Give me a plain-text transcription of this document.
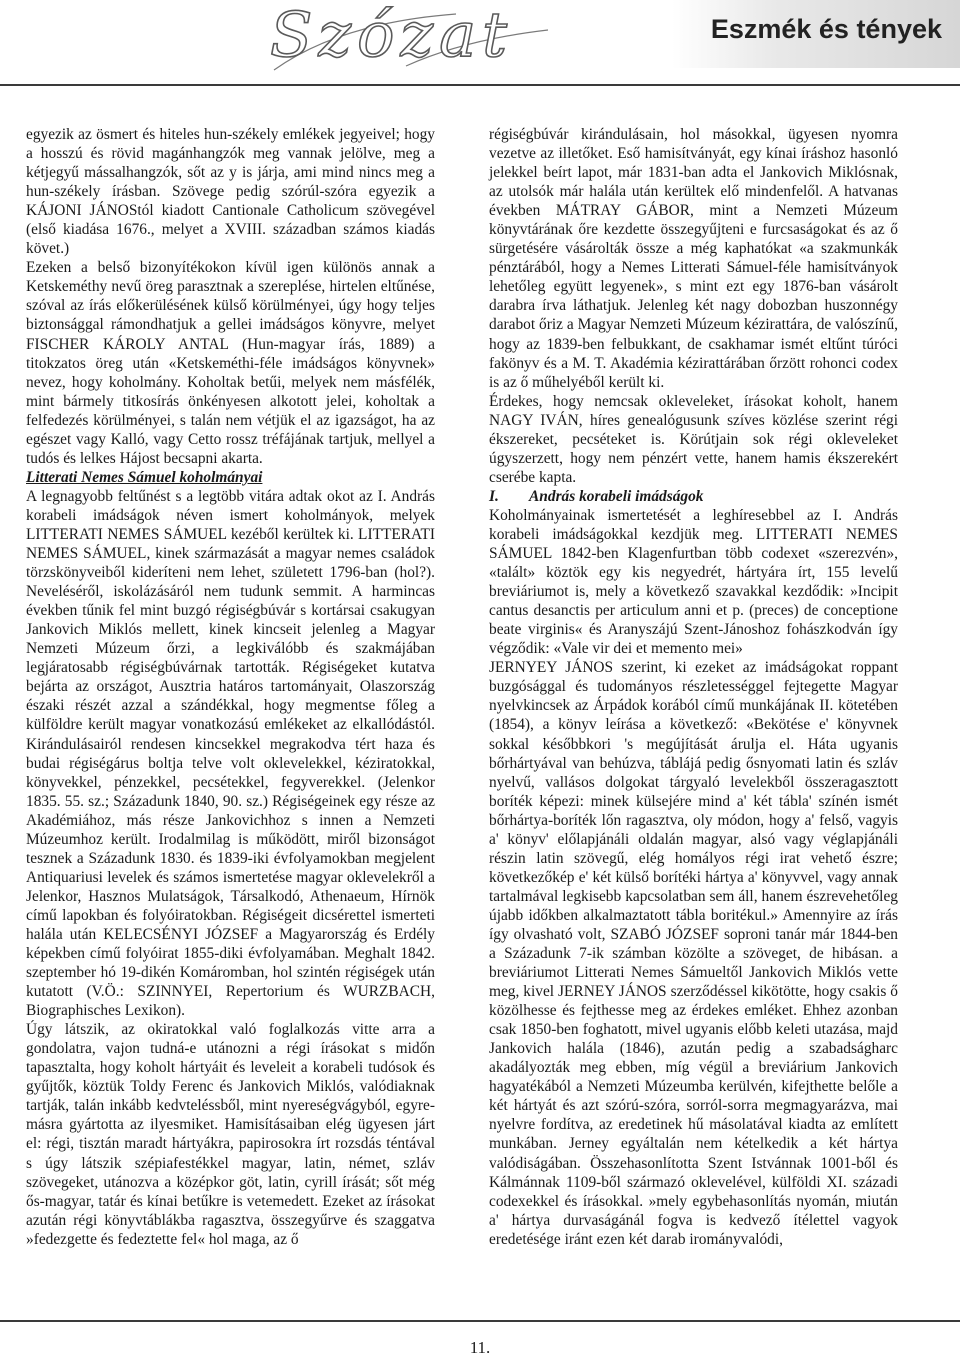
Szózat	Eszmék és tények

egyezik az ösmert és hiteles hun-székely emlékek jegyeivel; hogy a hosszú és rövid magánhangzók meg vannak jelölve, meg a kétjegyű mássalhangzók, sőt az y is járja, ami mind nincs meg a hun-székely írásban. Szövege pedig szórúl-szóra egyezik a KÁJONI JÁNOStól kiadott Cantionale Catholicum szövegével (első kiadása 1676., melyet a XVIII. században számos kiadás követ.)

Ezeken a belső bizonyítékokon kívül igen különös annak a Ketskeméthy nevű öreg parasztnak a szereplése, hirtelen eltűnése, szóval az írás előkerülésének külső körülményei, úgy hogy teljes biztonsággal rámondhatjuk a gellei imádságos könyvre, melyet FISCHER KÁROLY ANTAL (Hun-magyar írás, 1889) a titokzatos öreg után «Ketskeméthi-féle imádságos könyvnek» nevez, hogy koholmány. Koholtak betűi, melyek nem másfélék, mint bármely titkosírás önkényesen alkotott jelei, koholtak a felfedezés körülményei, s talán nem vétjük el az igazságot, ha az egészet vagy Kalló, vagy Cetto rossz tréfájának tartjuk, mellyel a tudós és lelkes Hájost becsapni akarta.

Litterati Nemes Sámuel koholmányai

A legnagyobb feltűnést s a legtöbb vitára adtak okot az I. András korabeli imádságok néven ismert koholmányok, melyek LITTERATI NEMES SÁMUEL kezéből kerültek ki. LITTERATI NEMES SÁMUEL, kinek származását a magyar nemes családok törzskönyveiből kideríteni nem lehet, született 1796-ban (hol?). Neveléséről, iskolázásáról nem tudunk semmit. A harmincas években tűnik fel mint buzgó régiségbúvár s kortársai csakugyan Jankovich Miklós mellett, kinek kincseit jelenleg a Magyar Nemzeti Múzeum őrzi, a legkiválóbb és szakmájában legjáratosabb régiségbúvárnak tartották. Régiségeket kutatva bejárta az országot, Ausztria határos tartományait, Olaszország északi részét azzal a szándékkal, hogy megmentse főleg a külföldre került magyar vonatkozású emlékeket az elkallódástól. Kirándulásairól rendesen kincsekkel megrakodva tért haza és budai régiségárus boltja telve volt oklevelekkel, kéziratokkal, könyvekkel, pénzekkel, pecsétekkel, fegyverekkel. (Jelenkor 1835. 55. sz.; Századunk 1840, 90. sz.) Régiségeinek egy része az Akadémiához, más része Jankovichhoz s innen a Nemzeti Múzeumhoz került. Irodalmilag is működött, miről bizonságot tesznek a Századunk 1830. és 1839-iki évfolyamokban megjelent Antiquariusi levelek és számos ismertetése magyar oklevelekről a Jelenkor, Hasznos Mulatságok, Társalkodó, Athenaeum, Hírnök című lapokban és folyóiratokban. Régiségeit dicsérettel ismerteti halála után KELECSÉNYI JÓZSEF a Magyarország és Erdély képekben című folyóirat 1855-diki évfolyamában. Meghalt 1842. szeptember hó 19-dikén Komáromban, hol szintén régiségek után kutatott (V.Ö.: SZINNYEI, Repertorium és WURZBACH, Biographisches Lexikon).

Úgy látszik, az okiratokkal való foglalkozás vitte arra a gondolatra, vajon tudná-e utánozni a régi írásokat s midőn tapasztalta, hogy koholt hártyáit és leveleit a korabeli tudósok és gyűjtők, köztük Toldy Ferenc és Jankovich Miklós, valódiaknak tartják, talán inkább kedvteléssből, mint nyereségvágyból, egyre-másra gyártotta az ilyesmiket. Hamisításaiban elég ügyesen járt el: régi, tisztán maradt hártyákra, papirosokra írt rozsdás téntával s úgy látszik szépiafestékkel magyar, latin, német, szláv szövegeket, utánozva a középkor göt, latin, cyrill írását; sőt még ős-magyar, tatár és kínai betűkre is vetemedett. Ezeket az írásokat azután régi könyvtáblákba ragasztva, összegyűrve és szaggatva »fedezgette és fedeztette fel« hol maga, az ő

régiségbúvár kirándulásain, hol másokkal, ügyesen nyomra vezetve az illetőket. Eső hamisítványát, egy kínai íráshoz hasonló jelekkel beírt lapot, már 1831-ban adta el Jankovich Miklósnak, az utolsók már halála után kerültek elő mindenfelől. A hatvanas években MÁTRAY GÁBOR, mint a Nemzeti Múzeum könyvtárának őre kezdette összegyűjteni e furcsaságokat és az ő sürgetésére vásárolták össze a még kaphatókat «a szakmunkák pénztárából, hogy a Nemes Litterati Sámuel-féle hamisítványok lehetőleg együtt legyenek», s mint ezt egy 1876-ban vásárolt darabra írva láthatjuk. Jelenleg két nagy dobozban huszonnégy darabot őriz a Magyar Nemzeti Múzeum kézirattára, de valószínű, hogy az 1839-ben felbukkant, de csakhamar ismét eltűnt túróci fakönyv és a M. T. Akadémia kézirattárában őrzött rohonci codex is az ő műhelyéből került ki.

Érdekes, hogy nemcsak okleveleket, írásokat koholt, hanem NAGY IVÁN, híres genealógusunk szíves közlése szerint régi ékszereket, pecséteket is. Körútjain sok régi okleveleket úgyszerzett, hogy nem pénzért vette, hanem hamis ékszerekért cserébe kapta.

I.        András korabeli imádságok

Koholmányainak ismertetését a leghíresebbel az I. András korabeli imádságokkal kezdjük meg. LITTERATI NEMES SÁMUEL 1842-ben Klagenfurtban több codexet «szerezvén», «talált» köztök egy kis negyedrét, hártyára írt, 155 levelű breviáriumot is, mely a következő szavakkal kezdődik: »Incipit cantus desanctis per articulum anni et p. (preces) de conceptione beate virginis« és Aranyszájú Szent-Jánoshoz fohászkodván így végződik: «Vale vir dei et memento mei»

JERNYEY JÁNOS szerint, ki ezeket az imádságokat roppant buzgósággal és tudományos részletességgel fejtegette Magyar nyelvkincsek az Árpádok korából című munkájának II. kötetében (1854), a könyv leírása a következő: «Bekötése e' könyvnek sokkal későbbkori 's megújítását árulja el. Háta ugyanis bőrhártyával van behúzva, táblájá pedig ősnyomati latin és szláv nyelvű, vallásos dolgokat tárgyaló levelekből összeragasztott boríték képezi: minek külsejére mind a' két tábla' színén ismét bőrhártya-boríték lőn ragasztva, oly módon, hogy a' felső, vagyis a' könyv' előlapjánáli oldalán magyar, alsó vagy véglapjánáli részin latin szövegű, elég homályos régi irat vehető észre; következőkép e' két külső borítéki hártya a' könyvvel, vagy annak tartalmával legkisebb kapcsolatban sem áll, hanem észrevehetőleg újabb időkben alkalmaztatott tábla boritékul.» Amennyire az írás így olvasható volt, SZABÓ JÓZSEF soproni tanár már 1844-ben a Századunk 7-ik számban közölte a szöveget, de hibásan. a breviáriumot Litterati Nemes Sámueltől Jankovich Miklós vette meg, kivel JERNEY JÁNOS szerződéssel kikötötte, hogy csakis ő közölhesse és fejthesse meg az érdekes emléket. Ehhez azonban csak 1850-ben foghatott, mivel ugyanis előbb keleti utazása, majd Jankovich halála (1846), azután pedig a szabadságharc akadályozták meg ebben, míg végül a breviárium Jankovich hagyatékából a Nemzeti Múzeumba kerülvén, kifejthette belőle a két hártyát és azt szórú-szóra, sorról-sorra megmagyarázva, mai nyelvre fordítva, az eredetinek hű másolatával kiadta az említett munkában. Jerney egyáltalán nem kételkedik a két hártya valódiságában. Összehasonlította Szent Istvánnak 1001-ből és Kálmánnak 1109-ből származó oklevelével, külföldi XI. századi codexekkel és írásokkal. »mely egybehasonlítás nyomán, miután a' hártya durvaságánál fogva is kedvező ítélettel vagyok eredetésége iránt ezen két darab irományvalódi,

11.
